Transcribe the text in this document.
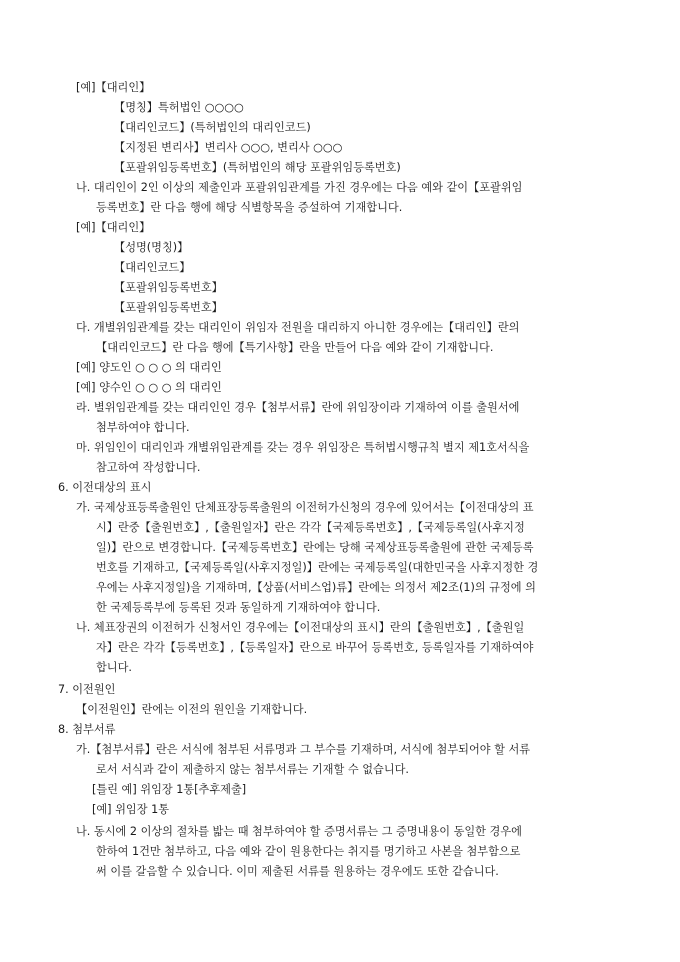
[예]【대리인】
【명칭】특허법인 ○○○○
【대리인코드】(특허법인의 대리인코드)
【지정된 변리사】변리사 ○○○, 변리사 ○○○
【포괄위임등록번호】(특허법인의 해당 포괄위임등록번호)
나. 대리인이 2인 이상의 제출인과 포괄위임관계를 가진 경우에는 다음 예와 같이【포괄위임
등록번호】란 다음 행에 해당 식별항목을 증설하여 기재합니다.
[예]【대리인】
【성명(명칭)】
【대리인코드】
【포괄위임등록번호】
【포괄위임등록번호】
다. 개별위임관계를 갖는 대리인이 위임자 전원을 대리하지 아니한 경우에는【대리인】란의
【대리인코드】란 다음 행에【특기사항】란을 만들어 다음 예와 같이 기재합니다.
[예] 양도인 ○ ○ ○ 의 대리인
[예] 양수인 ○ ○ ○ 의 대리인
라. 별위임관계를 갖는 대리인인 경우【첨부서류】란에 위임장이라 기재하여 이를 출원서에
첨부하여야 합니다.
마. 위임인이 대리인과 개별위임관계를 갖는 경우 위임장은 특허법시행규칙 별지 제1호서식을
참고하여 작성합니다.
6. 이전대상의 표시
가. 국제상표등록출원인 단체표장등록출원의 이전허가신청의 경우에 있어서는【이전대상의 표
시】란중【출원번호】,【출원일자】란은 각각【국제등록번호】,【국제등록일(사후지정
일)】란으로 변경합니다.【국제등록번호】란에는 당해 국제상표등록출원에 관한 국제등록
번호를 기재하고,【국제등록일(사후지정일)】란에는 국제등록일(대한민국을 사후지정한 경
우에는 사후지정일)을 기재하며,【상품(서비스업)류】란에는 의정서 제2조(1)의 규정에 의
한 국제등록부에 등록된 것과 동일하게 기재하여야 합니다.
나. 체표장권의 이전허가 신청서인 경우에는【이전대상의 표시】란의【출원번호】,【출원일
자】란은 각각【등록번호】,【등록일자】란으로 바꾸어 등록번호, 등록일자를 기재하여야
합니다.
7. 이전원인
【이전원인】란에는 이전의 원인을 기재합니다.
8. 첨부서류
가.【첨부서류】란은 서식에 첨부된 서류명과 그 부수를 기재하며, 서식에 첨부되어야 할 서류
로서 서식과 같이 제출하지 않는 첨부서류는 기재할 수 없습니다.
[틀린 예] 위임장 1통[추후제출]
[예] 위임장 1통
나. 동시에 2 이상의 절차를 밟는 때 첨부하여야 할 증명서류는 그 증명내용이 동일한 경우에
한하여 1건만 첨부하고, 다음 예와 같이 원용한다는 취지를 명기하고 사본을 첨부함으로
써 이를 갈음할 수 있습니다. 이미 제출된 서류를 원용하는 경우에도 또한 같습니다.
